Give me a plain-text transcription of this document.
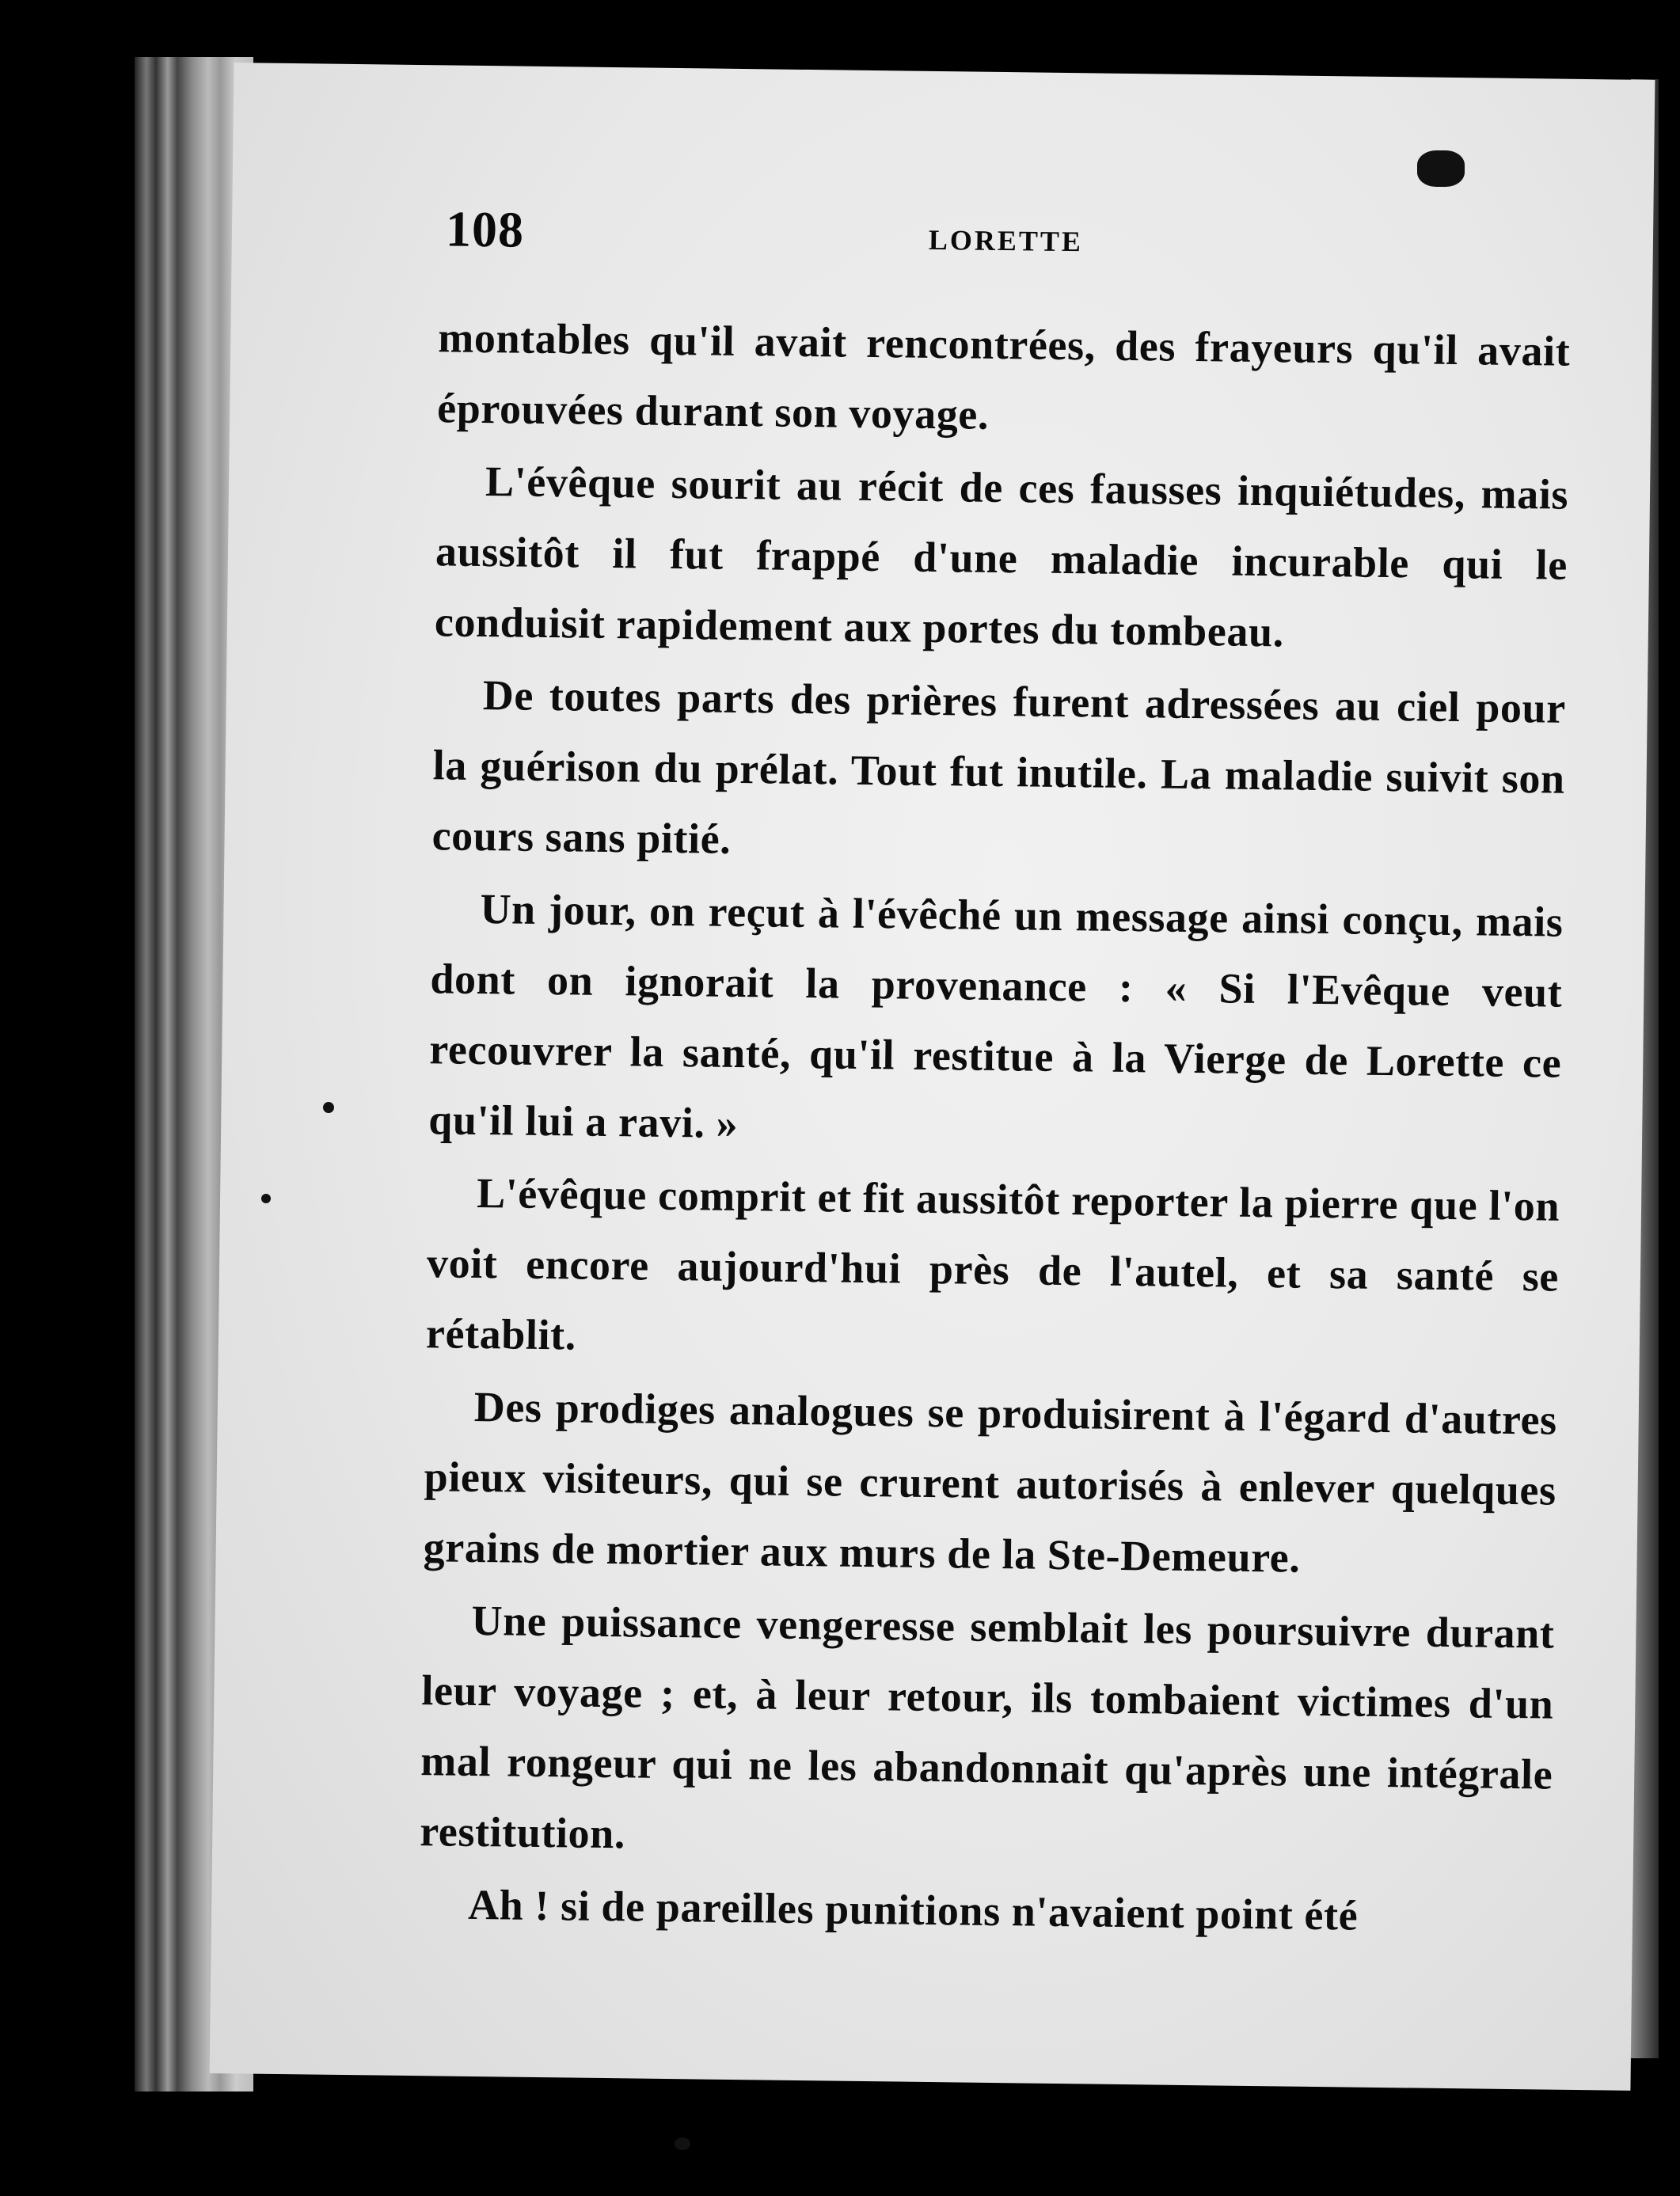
108	LORETTE

montables qu'il avait rencontrées, des frayeurs qu'il avait éprouvées durant son voyage.

L'évêque sourit au récit de ces fausses inquiétudes, mais aussitôt il fut frappé d'une maladie incurable qui le conduisit rapidement aux portes du tombeau.

De toutes parts des prières furent adressées au ciel pour la guérison du prélat. Tout fut inutile. La maladie suivit son cours sans pitié.

Un jour, on reçut à l'évêché un message ainsi conçu, mais dont on ignorait la provenance : « Si l'Evêque veut recouvrer la santé, qu'il restitue à la Vierge de Lorette ce qu'il lui a ravi. »

L'évêque comprit et fit aussitôt reporter la pierre que l'on voit encore aujourd'hui près de l'autel, et sa santé se rétablit.

Des prodiges analogues se produisirent à l'égard d'autres pieux visiteurs, qui se crurent autorisés à enlever quelques grains de mortier aux murs de la Ste-Demeure.

Une puissance vengeresse semblait les poursuivre durant leur voyage ; et, à leur retour, ils tombaient victimes d'un mal rongeur qui ne les abandonnait qu'après une intégrale restitution.

Ah ! si de pareilles punitions n'avaient point été
